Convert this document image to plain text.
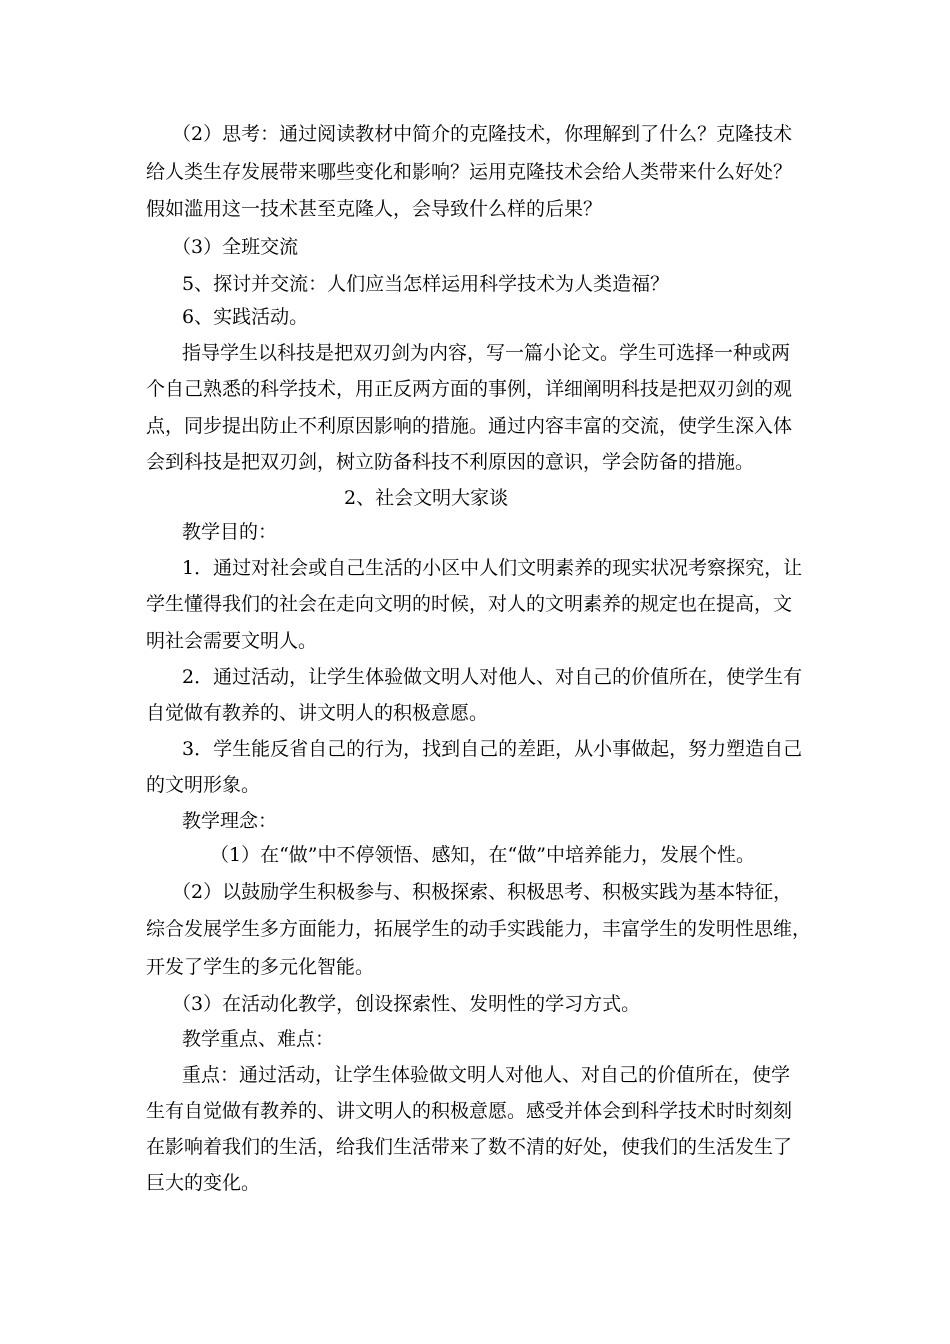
（2）思考：通过阅读教材中简介的克隆技术，你理解到了什么？克隆技术
给人类生存发展带来哪些变化和影响？运用克隆技术会给人类带来什么好处？
假如滥用这一技术甚至克隆人，会导致什么样的后果？
（3）全班交流
5、探讨并交流：人们应当怎样运用科学技术为人类造福？
6、实践活动。
指导学生以科技是把双刃剑为内容，写一篇小论文。学生可选择一种或两
个自己熟悉的科学技术，用正反两方面的事例，详细阐明科技是把双刃剑的观
点，同步提出防止不利原因影响的措施。通过内容丰富的交流，使学生深入体
会到科技是把双刃剑，树立防备科技不利原因的意识，学会防备的措施。
2、社会文明大家谈
教学目的：
1．通过对社会或自己生活的小区中人们文明素养的现实状况考察探究，让
学生懂得我们的社会在走向文明的时候，对人的文明素养的规定也在提高，文
明社会需要文明人。
2．通过活动，让学生体验做文明人对他人、对自己的价值所在，使学生有
自觉做有教养的、讲文明人的积极意愿。
3．学生能反省自己的行为，找到自己的差距，从小事做起，努力塑造自己
的文明形象。
教学理念：
（1）在“做”中不停领悟、感知，在“做”中培养能力，发展个性。
（2）以鼓励学生积极参与、积极探索、积极思考、积极实践为基本特征，
综合发展学生多方面能力，拓展学生的动手实践能力，丰富学生的发明性思维，
开发了学生的多元化智能。
（3）在活动化教学，创设探索性、发明性的学习方式。
教学重点、难点：
重点：通过活动，让学生体验做文明人对他人、对自己的价值所在，使学
生有自觉做有教养的、讲文明人的积极意愿。感受并体会到科学技术时时刻刻
在影响着我们的生活，给我们生活带来了数不清的好处，使我们的生活发生了
巨大的变化。
